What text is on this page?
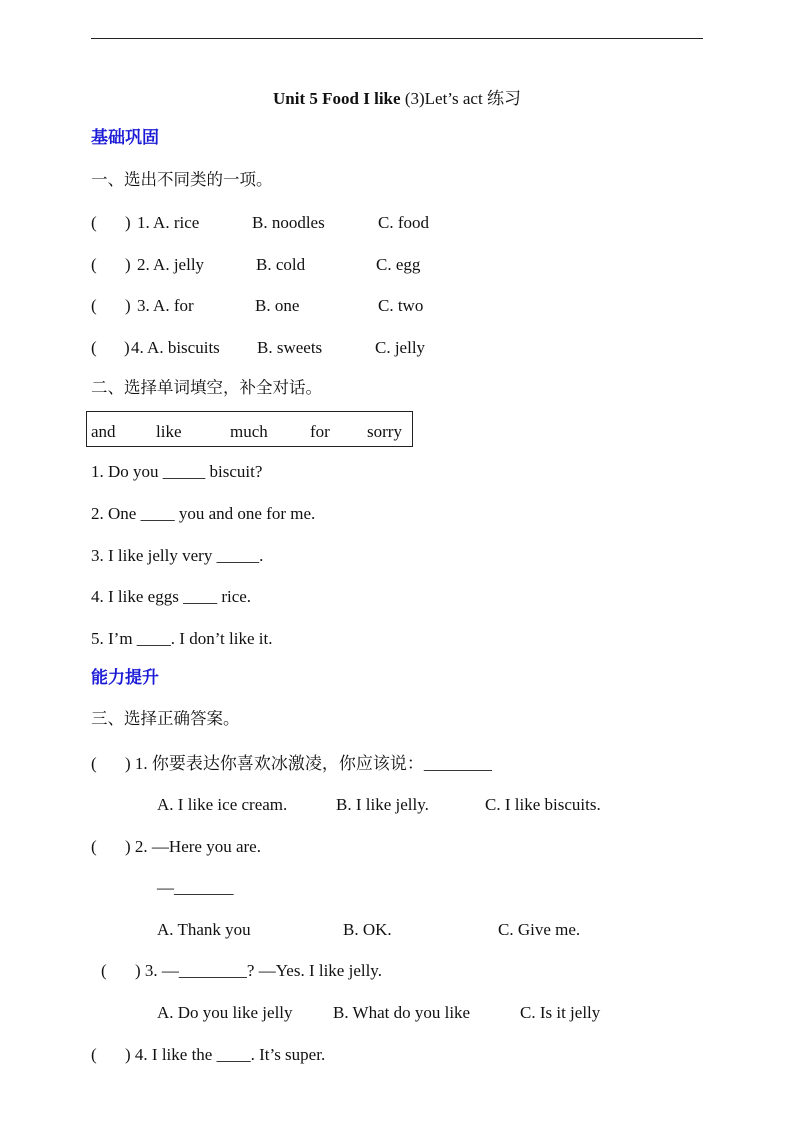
Unit 5 Food I like (3)Let’s act 练习
基础巩固
一、选出不同类的一项。
( ) 1. A. rice	B. noodles	C. food
( ) 2. A. jelly	B. cold	C. egg
( ) 3. A. for	B. one	C. two
( ) 4. A. biscuits B. sweets	C. jelly
二、选择单词填空，补全对话。
and like	much for sorry
1. Do you _____ biscuit?
2. One ____ you and one for me.
3. I like jelly very _____.
4. I like eggs ____ rice.
5. I’m ____. I don’t like it.
能力提升
三、选择正确答案。
( ) 1. 你要表达你喜欢冰激凌，你应该说：________
A. I like ice cream.	B. I like jelly.	C. I like biscuits.
( ) 2. —Here you are.
—_______
A. Thank you	B. OK.	C. Give me.
( ) 3. —________? —Yes. I like jelly.
A. Do you like jelly B. What do you like	C. Is it jelly
( ) 4. I like the ____. It’s super.
